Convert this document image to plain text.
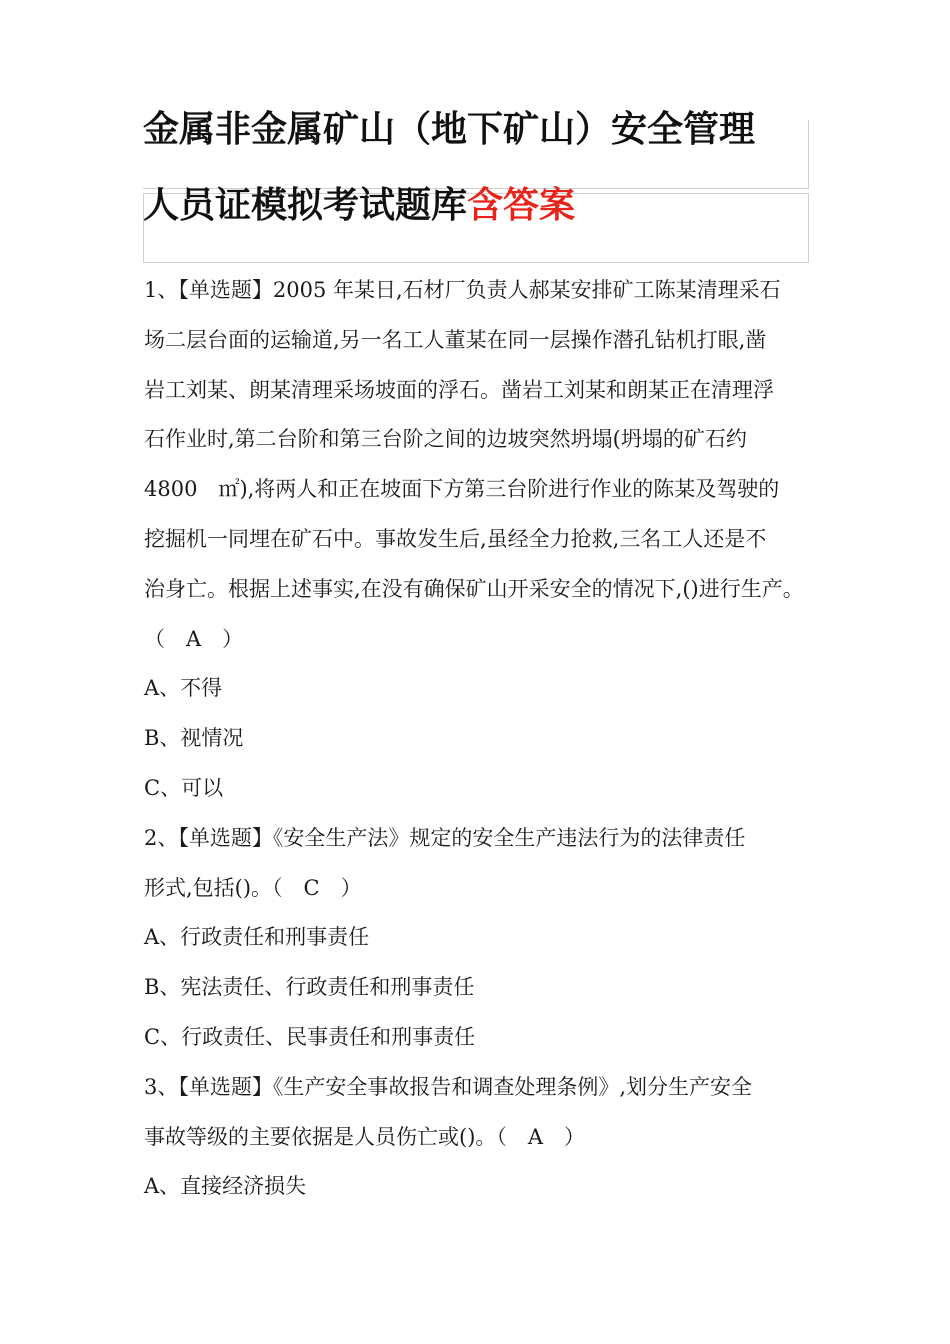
金属非金属矿山（地下矿山）安全管理
人员证模拟考试题库含答案
1、【单选题】2005 年某日,石材厂负责人郝某安排矿工陈某清理采石
场二层台面的运输道,另一名工人董某在同一层操作潜孔钻机打眼,凿
岩工刘某、朗某清理采场坡面的浮石。凿岩工刘某和朗某正在清理浮
石作业时,第二台阶和第三台阶之间的边坡突然坍塌(坍塌的矿石约
4800　㎡),将两人和正在坡面下方第三台阶进行作业的陈某及驾驶的
挖掘机一同埋在矿石中。事故发生后,虽经全力抢救,三名工人还是不
治身亡。根据上述事实,在没有确保矿山开采安全的情况下,()进行生产。
（　A　）
A、不得
B、视情况
C、可以
2、【单选题】《安全生产法》规定的安全生产违法行为的法律责任
形式,包括()。（　C　）
A、行政责任和刑事责任
B、宪法责任、行政责任和刑事责任
C、行政责任、民事责任和刑事责任
3、【单选题】《生产安全事故报告和调查处理条例》,划分生产安全
事故等级的主要依据是人员伤亡或()。（　A　）
A、直接经济损失
